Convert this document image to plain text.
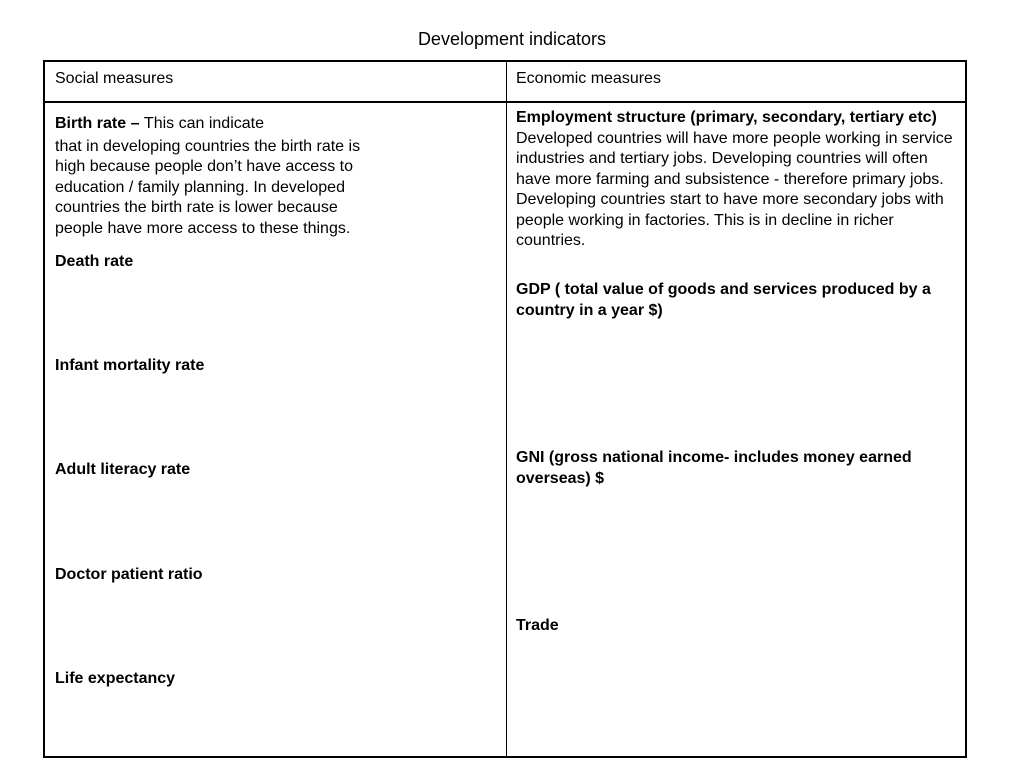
Development indicators
Social measures	Economic measures
Birth rate – This can indicate
that in developing countries the birth rate is high because people don’t have access to education / family planning. In developed countries the birth rate is lower because people have more access to these things.
Death rate
Infant mortality rate
Adult literacy rate
Doctor patient ratio
Life expectancy
Employment structure (primary, secondary, tertiary etc) Developed countries will have more people working in service industries and tertiary jobs. Developing countries will often have more farming and subsistence - therefore primary jobs. Developing countries start to have more secondary jobs with people working in factories. This is in decline in richer countries.
GDP ( total value of goods and services produced by a country in a year $)
GNI (gross national income- includes money earned overseas) $
Trade
